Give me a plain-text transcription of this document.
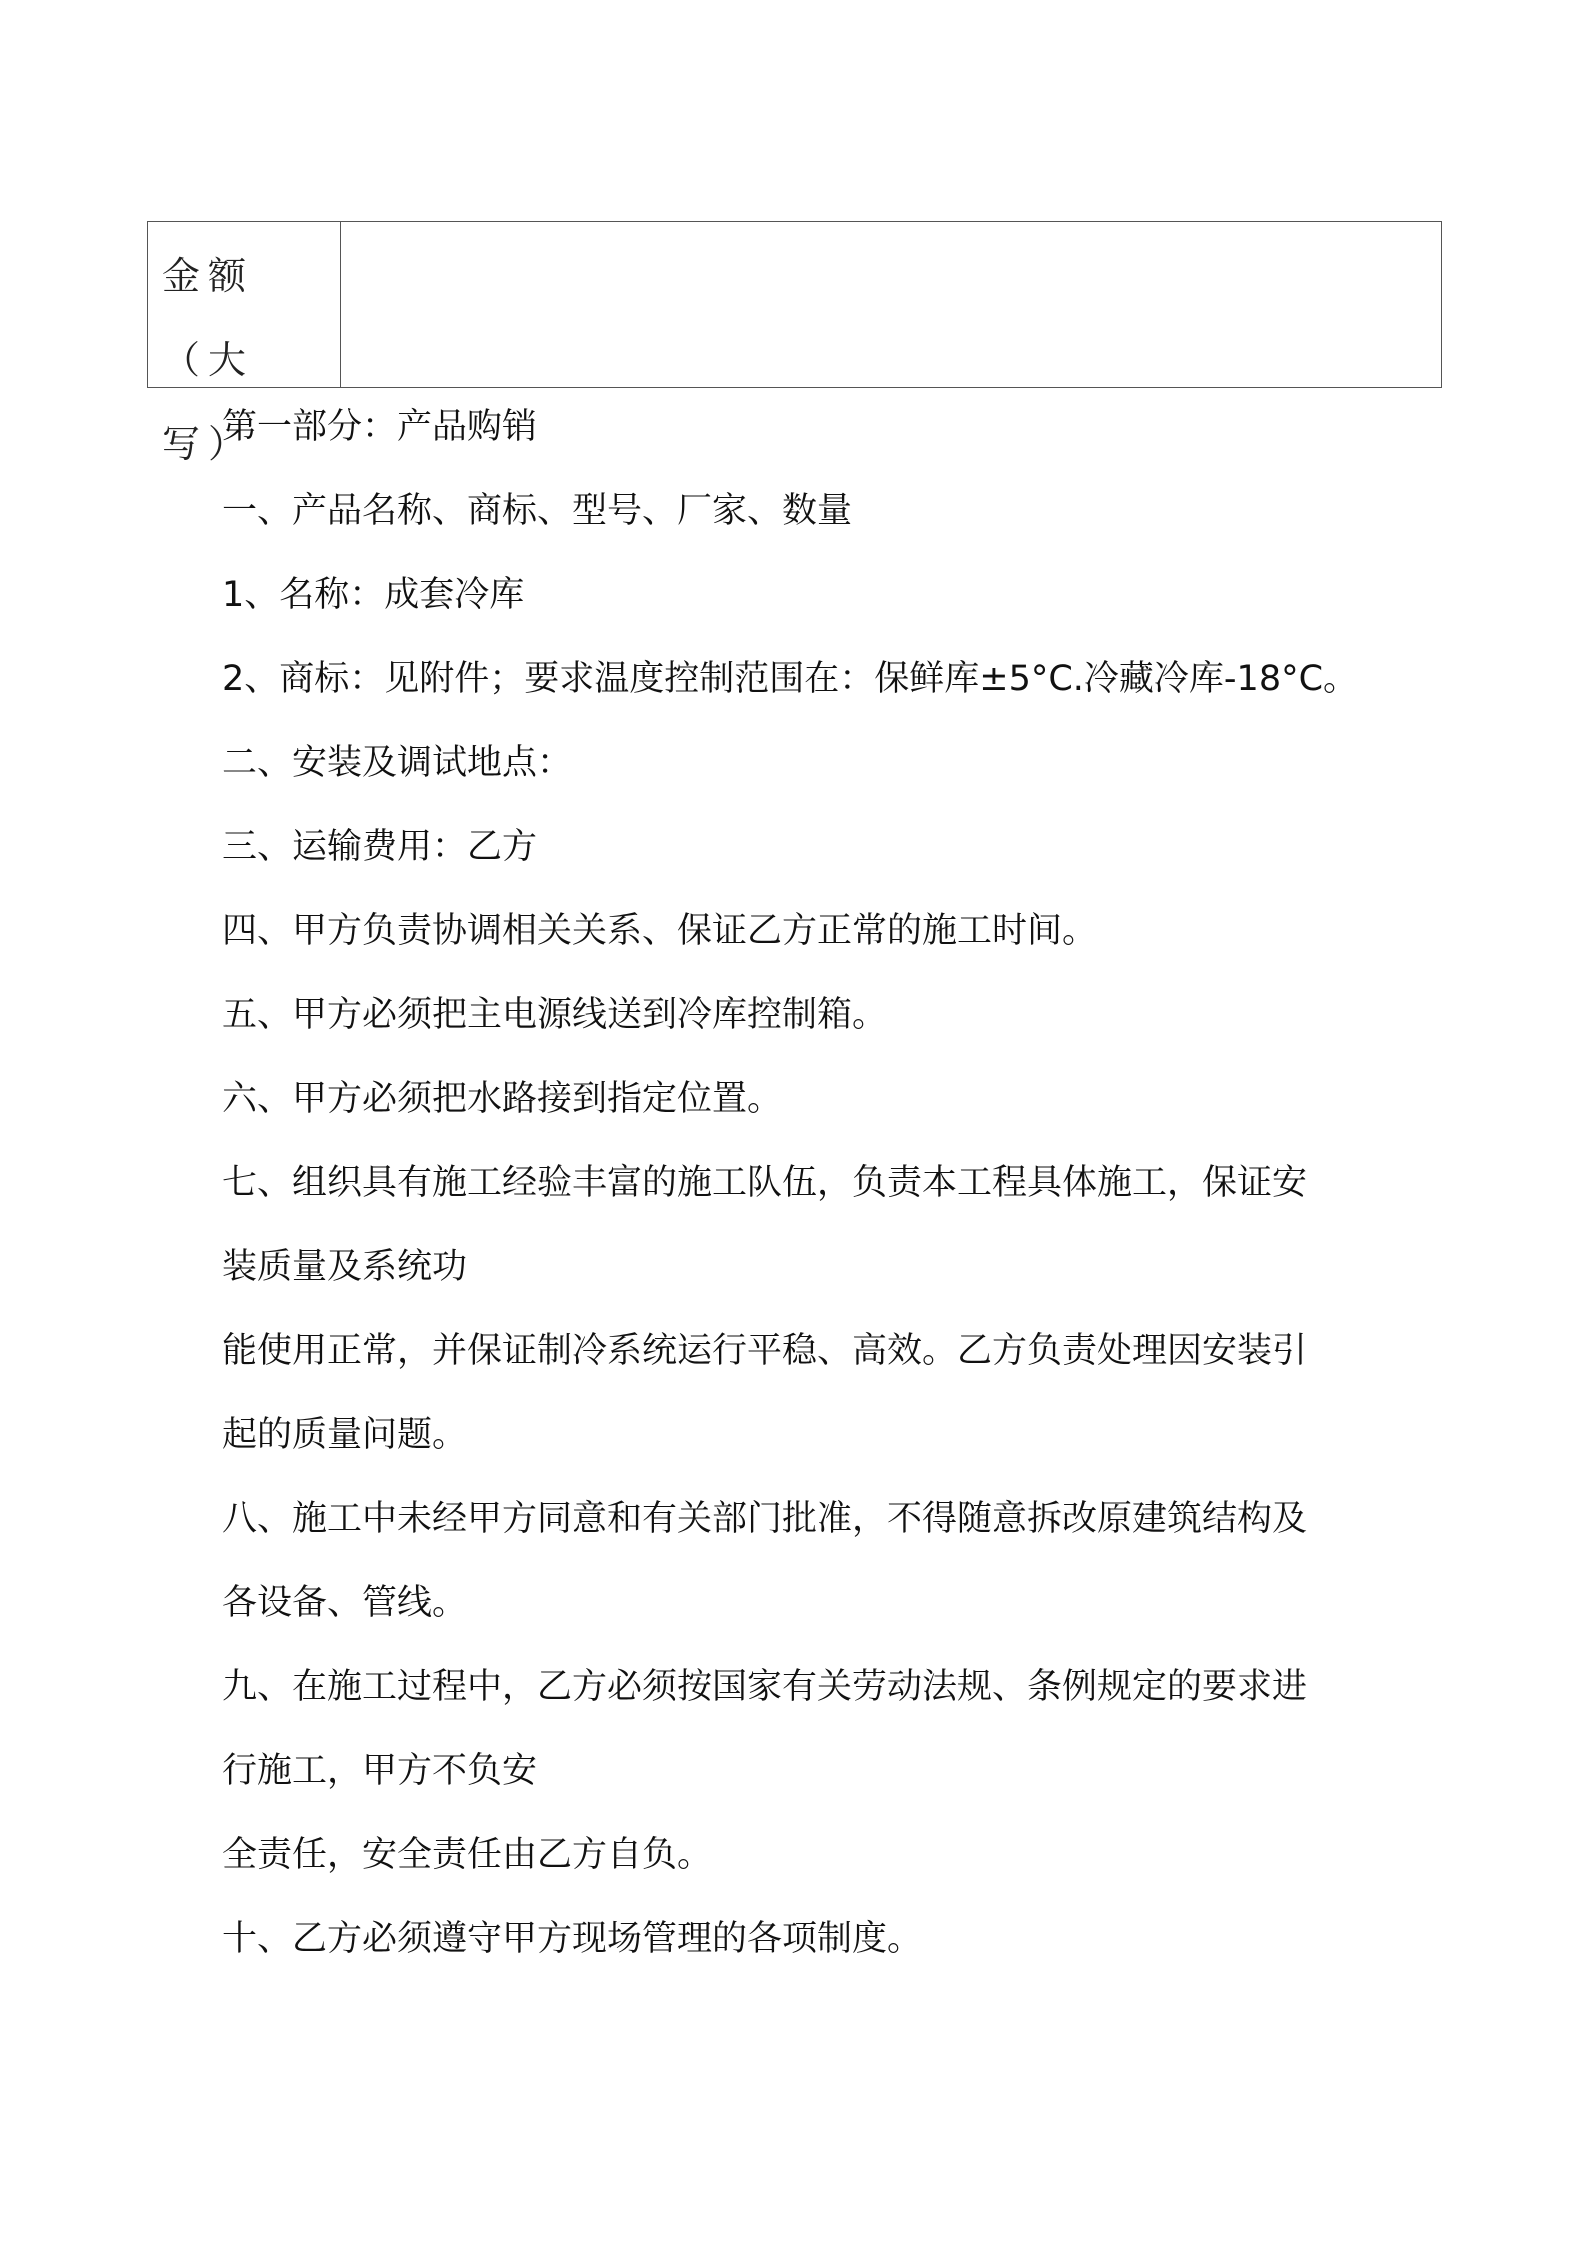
金额（大
写）

第一部分：产品购销

一、产品名称、商标、型号、厂家、数量

1、名称：成套冷库

2、商标：见附件；要求温度控制范围在：保鲜库±5°C.冷藏冷库-18°C。

二、安装及调试地点：

三、运输费用：乙方

四、甲方负责协调相关关系、保证乙方正常的施工时间。

五、甲方必须把主电源线送到冷库控制箱。

六、甲方必须把水路接到指定位置。

七、组织具有施工经验丰富的施工队伍，负责本工程具体施工，保证安

装质量及系统功

能使用正常，并保证制冷系统运行平稳、高效。乙方负责处理因安装引

起的质量问题。

八、施工中未经甲方同意和有关部门批准，不得随意拆改原建筑结构及

各设备、管线。

九、在施工过程中，乙方必须按国家有关劳动法规、条例规定的要求进

行施工，甲方不负安

全责任，安全责任由乙方自负。

十、乙方必须遵守甲方现场管理的各项制度。
